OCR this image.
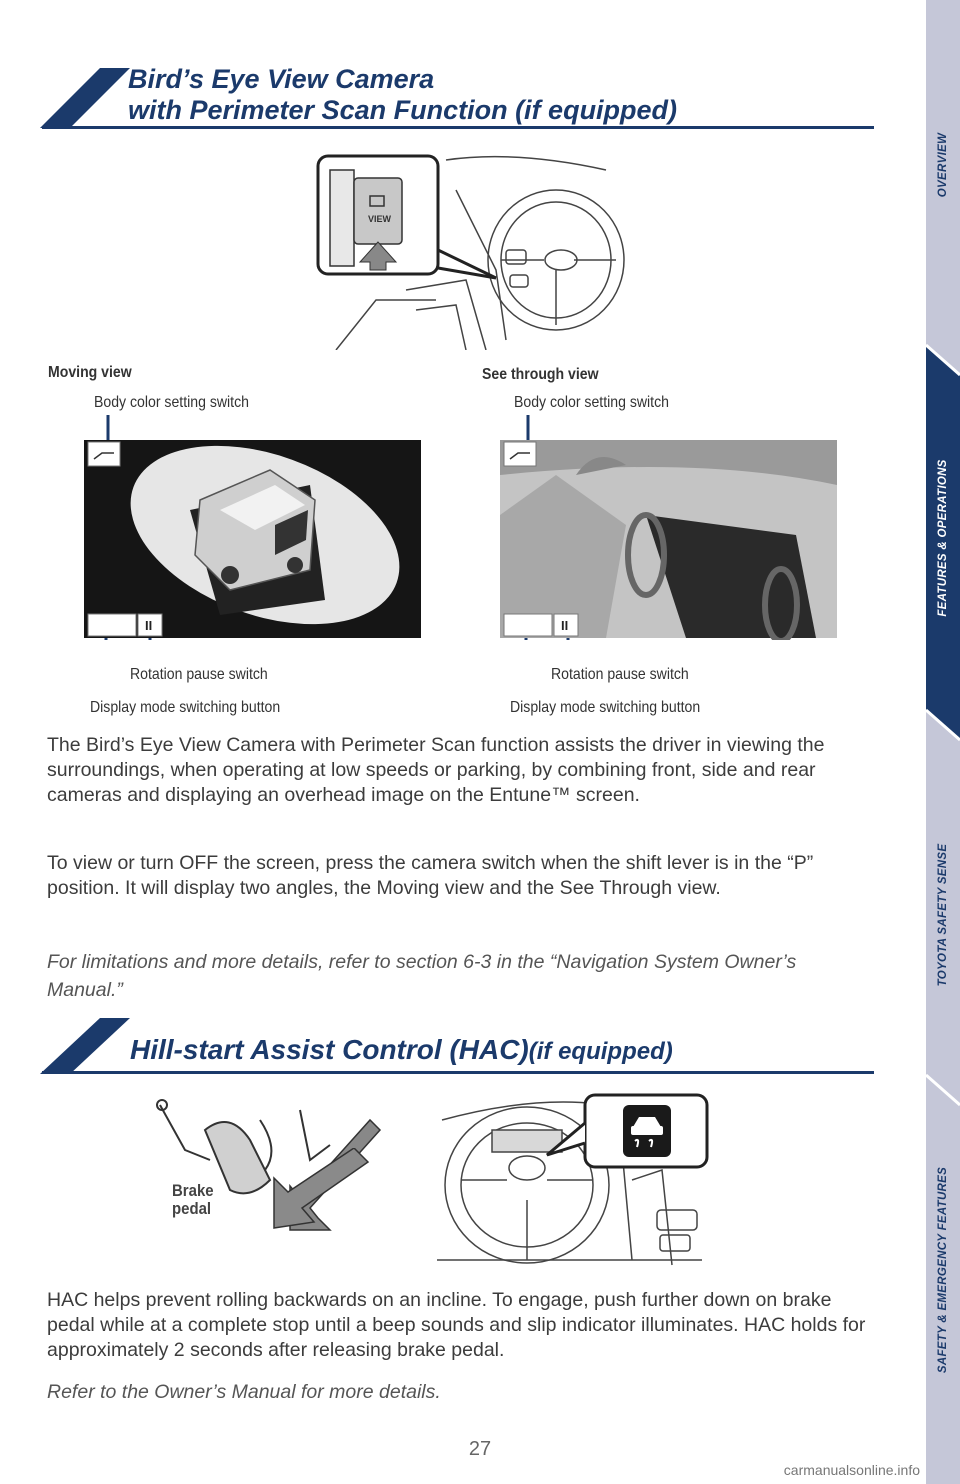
Bird’s Eye View Camera
with Perimeter Scan Function (if equipped)
VIEW
Moving view	See through view
Body color setting switch	Body color setting switch
II	II
Rotation pause switch	Rotation pause switch
Display mode switching button	Display mode switching button
The Bird’s Eye View Camera with Perimeter Scan function assists the driver in viewing the surroundings, when operating at low speeds or parking, by combining front, side and rear cameras and displaying an overhead image on the Entune™ screen.
To view or turn OFF the screen, press the camera switch when the shift lever is in the “P” position. It will display two angles, the Moving view and the See Through view.
For limitations and more details, refer to section 6-3 in the “Navigation System Owner’s Manual.”
Hill-start Assist Control (HAC)(if equipped)
Brake
pedal
HAC helps prevent rolling backwards on an incline. To engage, push further down on brake pedal while at a complete stop until a beep sounds and slip indicator illuminates. HAC holds for approximately 2 seconds after releasing brake pedal.
Refer to the Owner’s Manual for more details.
27
carmanualsonline.info
OVERVIEW
FEATURES & OPERATIONS
TOYOTA SAFETY SENSE
SAFETY & EMERGENCY FEATURES
